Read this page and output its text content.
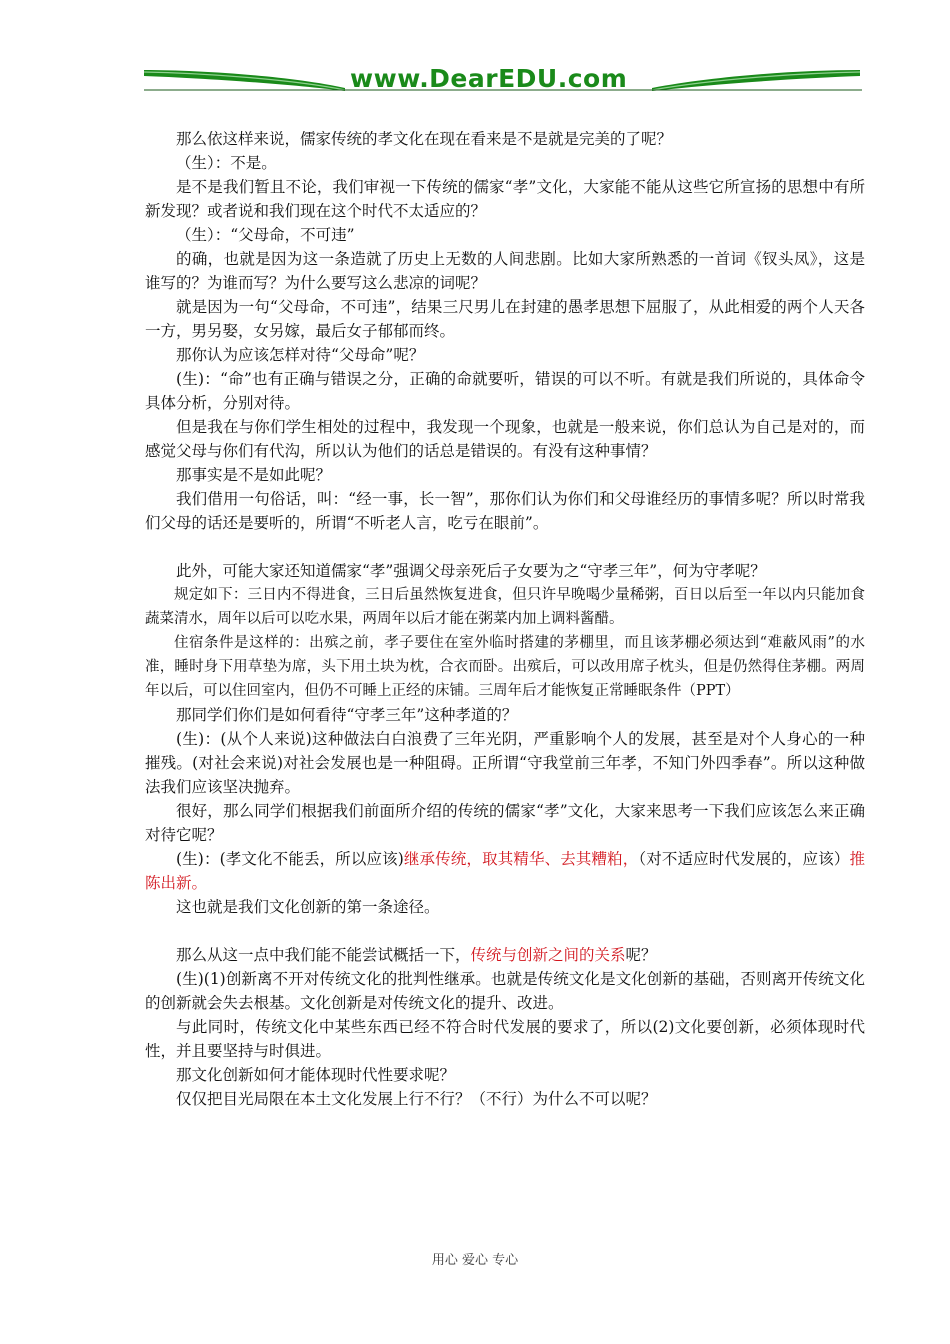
www.DearEDU.com

那么依这样来说，儒家传统的孝文化在现在看来是不是就是完美的了呢？

（生）：不是。

是不是我们暂且不论，我们审视一下传统的儒家“孝”文化，大家能不能从这些它所宣扬的思想中有所新发现？或者说和我们现在这个时代不太适应的？

（生）：“父母命，不可违”

的确，也就是因为这一条造就了历史上无数的人间悲剧。比如大家所熟悉的一首词《钗头凤》，这是谁写的？为谁而写？为什么要写这么悲凉的词呢？

就是因为一句“父母命，不可违”，结果三尺男儿在封建的愚孝思想下屈服了，从此相爱的两个人天各一方，男另娶，女另嫁，最后女子郁郁而终。

那你认为应该怎样对待“父母命”呢？

(生)：“命”也有正确与错误之分，正确的命就要听，错误的可以不听。有就是我们所说的，具体命令具体分析，分别对待。

但是我在与你们学生相处的过程中，我发现一个现象，也就是一般来说，你们总认为自己是对的，而感觉父母与你们有代沟，所以认为他们的话总是错误的。有没有这种事情？

那事实是不是如此呢？

我们借用一句俗话，叫：“经一事，长一智”，那你们认为你们和父母谁经历的事情多呢？所以时常我们父母的话还是要听的，所谓“不听老人言，吃亏在眼前”。

此外，可能大家还知道儒家“孝”强调父母亲死后子女要为之“守孝三年”，何为守孝呢？

规定如下：三日内不得进食，三日后虽然恢复进食，但只许早晚喝少量稀粥，百日以后至一年以内只能加食蔬菜清水，周年以后可以吃水果，两周年以后才能在粥菜内加上调料酱醋。

住宿条件是这样的：出殡之前，孝子要住在室外临时搭建的茅棚里，而且该茅棚必须达到“难蔽风雨”的水准，睡时身下用草垫为席，头下用土块为枕，合衣而卧。出殡后，可以改用席子枕头，但是仍然得住茅棚。两周年以后，可以住回室内，但仍不可睡上正经的床铺。三周年后才能恢复正常睡眠条件（PPT）

那同学们你们是如何看待“守孝三年”这种孝道的？

(生)：(从个人来说)这种做法白白浪费了三年光阴，严重影响个人的发展，甚至是对个人身心的一种摧残。(对社会来说)对社会发展也是一种阻碍。正所谓“守我堂前三年孝，不知门外四季春”。所以这种做法我们应该坚决抛弃。

很好，那么同学们根据我们前面所介绍的传统的儒家“孝”文化，大家来思考一下我们应该怎么来正确对待它呢？

(生)：(孝文化不能丢，所以应该)继承传统，取其精华、去其糟粕，（对不适应时代发展的，应该）推陈出新。

这也就是我们文化创新的第一条途径。

那么从这一点中我们能不能尝试概括一下，传统与创新之间的关系呢？

(生)(1)创新离不开对传统文化的批判性继承。也就是传统文化是文化创新的基础，否则离开传统文化的创新就会失去根基。文化创新是对传统文化的提升、改进。

与此同时，传统文化中某些东西已经不符合时代发展的要求了，所以(2)文化要创新，必须体现时代性，并且要坚持与时俱进。

那文化创新如何才能体现时代性要求呢？

仅仅把目光局限在本土文化发展上行不行？（不行）为什么不可以呢？

用心 爱心 专心
